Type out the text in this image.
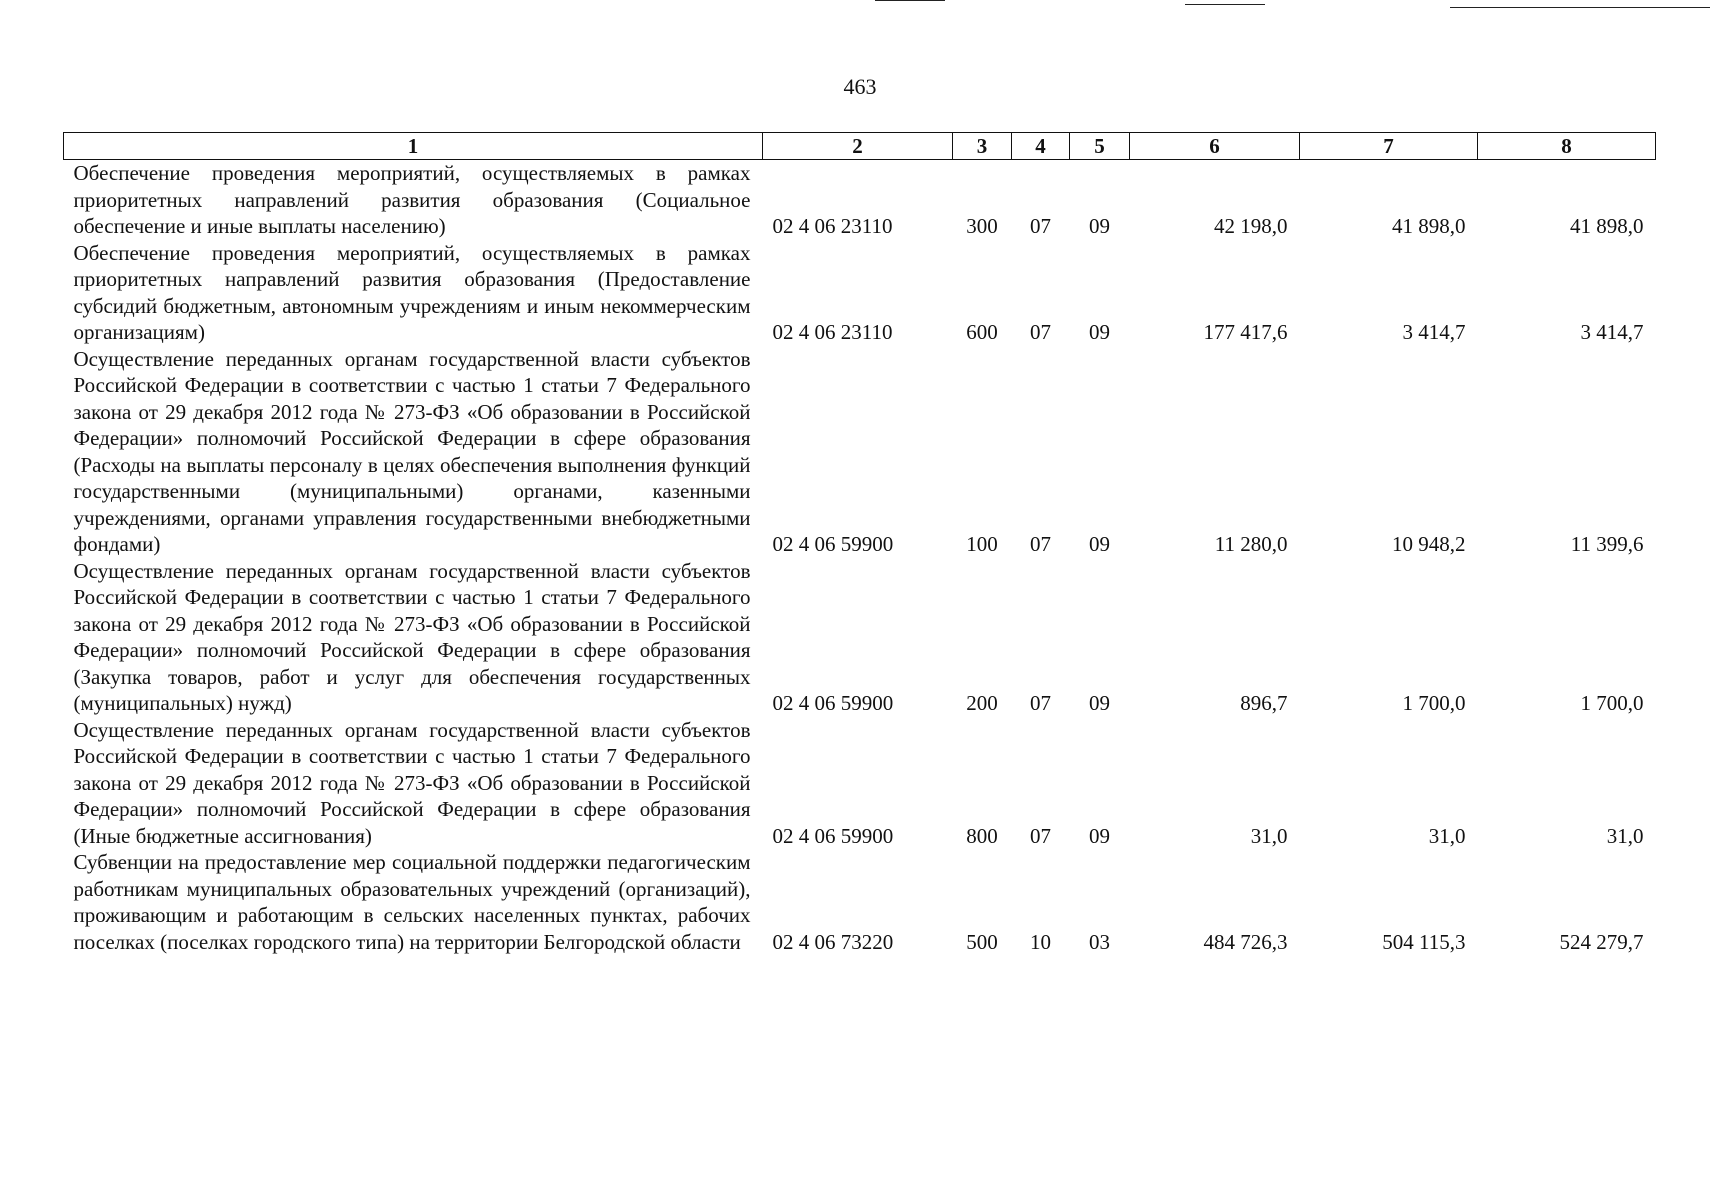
463
1	2	3	4	5	6	7	8
Обеспечение проведения мероприятий, осуществляемых в рамках приоритетных направлений развития образования (Социальное обеспечение и иные выплаты населению)	02 4 06 23110	300	07	09	42 198,0	41 898,0	41 898,0
Обеспечение проведения мероприятий, осуществляемых в рамках приоритетных направлений развития образования (Предоставление субсидий бюджетным, автономным учреждениям и иным некоммерческим организациям)	02 4 06 23110	600	07	09	177 417,6	3 414,7	3 414,7
Осуществление переданных органам государственной власти субъектов Российской Федерации в соответствии с частью 1 статьи 7 Федерального закона от 29 декабря 2012 года № 273-ФЗ «Об образовании в Российской Федерации» полномочий Российской Федерации в сфере образования (Расходы на выплаты персоналу в целях обеспечения выполнения функций государственными (муниципальными) органами, казенными учреждениями, органами управления государственными внебюджетными фондами)	02 4 06 59900	100	07	09	11 280,0	10 948,2	11 399,6
Осуществление переданных органам государственной власти субъектов Российской Федерации в соответствии с частью 1 статьи 7 Федерального закона от 29 декабря 2012 года № 273-ФЗ «Об образовании в Российской Федерации» полномочий Российской Федерации в сфере образования (Закупка товаров, работ и услуг для обеспечения государственных (муниципальных) нужд)	02 4 06 59900	200	07	09	896,7	1 700,0	1 700,0
Осуществление переданных органам государственной власти субъектов Российской Федерации в соответствии с частью 1 статьи 7 Федерального закона от 29 декабря 2012 года № 273-ФЗ «Об образовании в Российской Федерации» полномочий Российской Федерации в сфере образования (Иные бюджетные ассигнования)	02 4 06 59900	800	07	09	31,0	31,0	31,0
Субвенции на предоставление мер социальной поддержки педагогическим работникам муниципальных образовательных учреждений (организаций), проживающим и работающим в сельских населенных пунктах, рабочих поселках (поселках городского типа) на территории Белгородской области	02 4 06 73220	500	10	03	484 726,3	504 115,3	524 279,7
